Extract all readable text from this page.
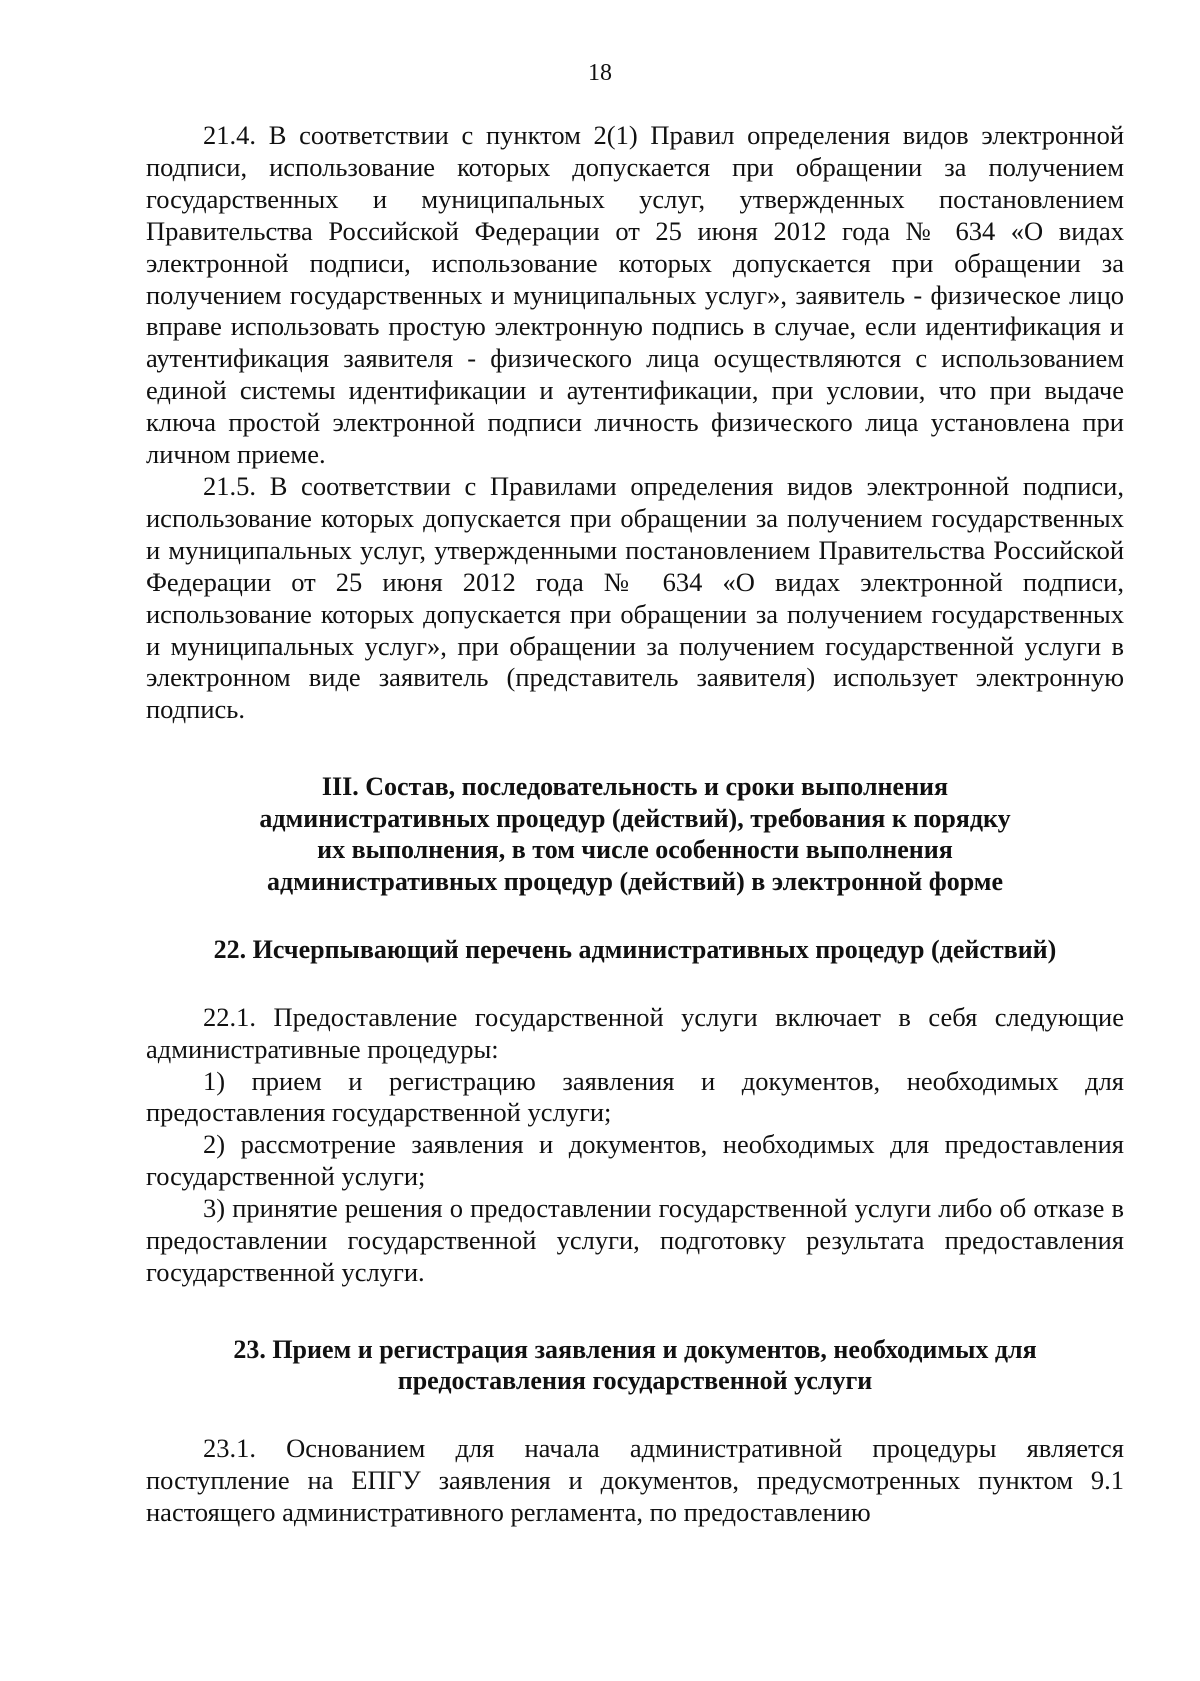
18

21.4. В соответствии с пунктом 2(1) Правил определения видов электронной подписи, использование которых допускается при обращении за получением государственных и муниципальных услуг, утвержденных постановлением Правительства Российской Федерации от 25 июня 2012 года № 634 «О видах электронной подписи, использование которых допускается при обращении за получением государственных и муниципальных услуг», заявитель - физическое лицо вправе использовать простую электронную подпись в случае, если идентификация и аутентификация заявителя - физического лица осуществляются с использованием единой системы идентификации и аутентификации, при условии, что при выдаче ключа простой электронной подписи личность физического лица установлена при личном приеме.

21.5. В соответствии с Правилами определения видов электронной подписи, использование которых допускается при обращении за получением государственных и муниципальных услуг, утвержденными постановлением Правительства Российской Федерации от 25 июня 2012 года № 634 «О видах электронной подписи, использование которых допускается при обращении за получением государственных и муниципальных услуг», при обращении за получением государственной услуги в электронном виде заявитель (представитель заявителя) использует электронную подпись.

III. Состав, последовательность и сроки выполнения

административных процедур (действий), требования к порядку

их выполнения, в том числе особенности выполнения

административных процедур (действий) в электронной форме

22. Исчерпывающий перечень административных процедур (действий)

22.1. Предоставление государственной услуги включает в себя следующие административные процедуры:

1) прием и регистрацию заявления и документов, необходимых для предоставления государственной услуги;

2) рассмотрение заявления и документов, необходимых для предоставления государственной услуги;

3) принятие решения о предоставлении государственной услуги либо об отказе в предоставлении государственной услуги, подготовку результата предоставления государственной услуги.

23. Прием и регистрация заявления и документов, необходимых для

предоставления государственной услуги

23.1. Основанием для начала административной процедуры является поступление на ЕПГУ заявления и документов, предусмотренных пунктом 9.1 настоящего административного регламента, по предоставлению
